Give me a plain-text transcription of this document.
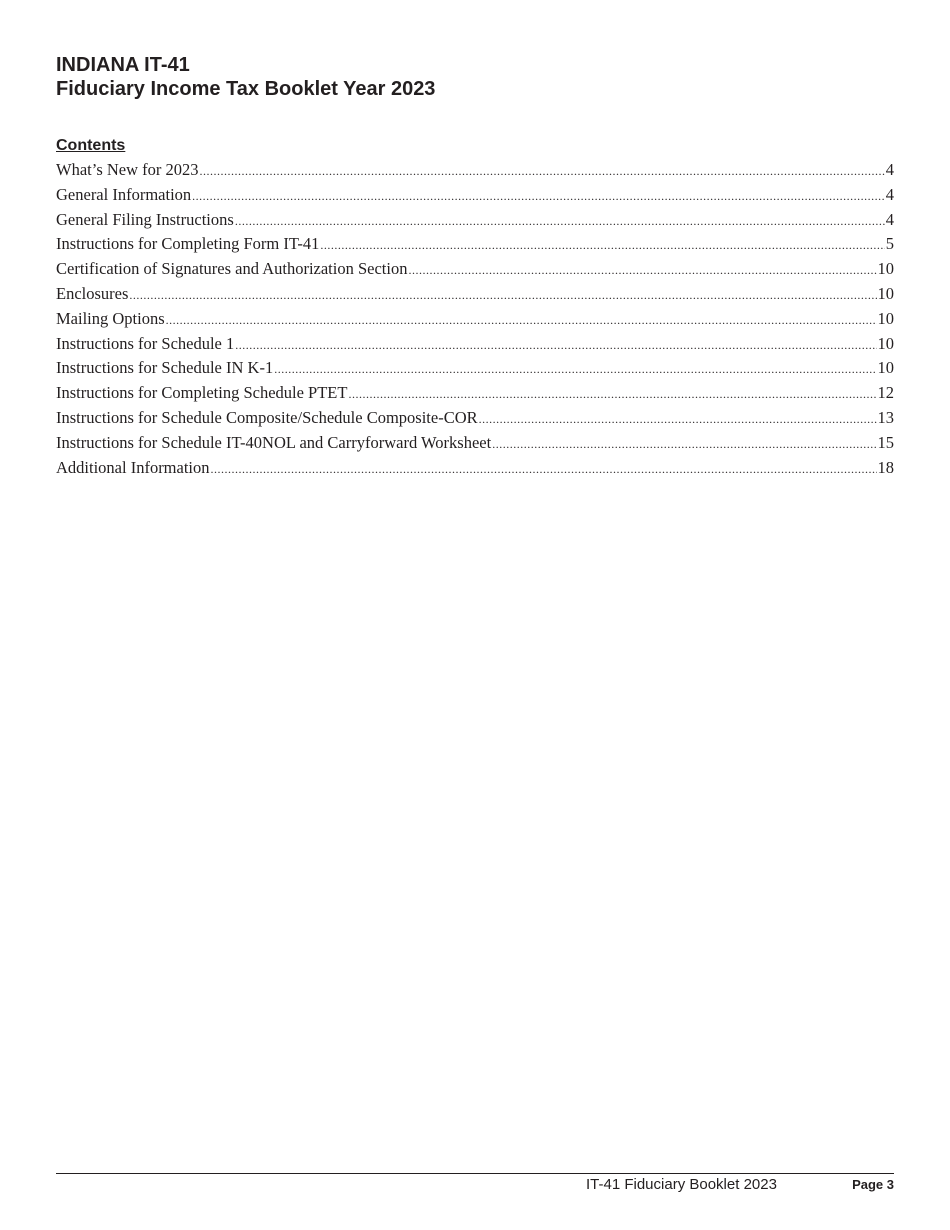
INDIANA IT-41
Fiduciary Income Tax Booklet Year 2023
Contents
What’s New for 2023 .....	4
General Information .....	4
General Filing Instructions .....	4
Instructions for Completing Form IT-41 .....	5
Certification of Signatures and Authorization Section .....	10
Enclosures .....	10
Mailing Options .....	10
Instructions for Schedule 1 .....	10
Instructions for Schedule IN K-1 .....	10
Instructions for Completing Schedule PTET .....	12
Instructions for Schedule Composite/Schedule Composite-COR .....	13
Instructions for Schedule IT-40NOL and Carryforward Worksheet .....	15
Additional Information .....	18
IT-41 Fiduciary Booklet 2023	Page 3
